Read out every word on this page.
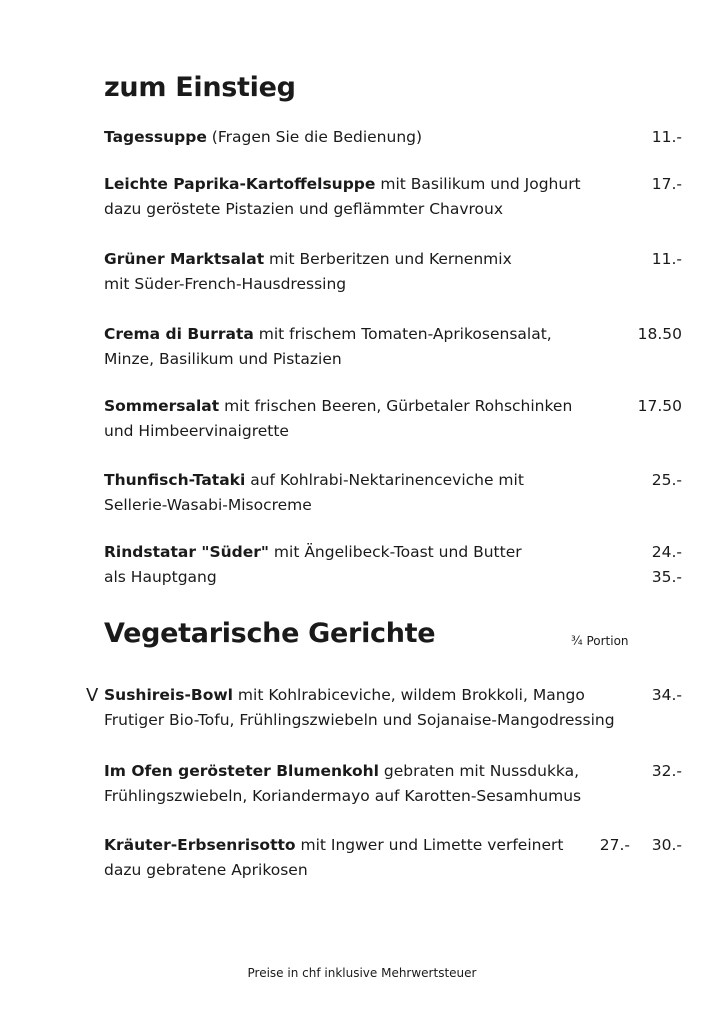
zum Einstieg
Tagessuppe (Fragen Sie die Bedienung)	11.-
Leichte Paprika-Kartoffelsuppe mit Basilikum und Joghurt	17.-
dazu geröstete Pistazien und geflämmter Chavroux
Grüner Marktsalat mit Berberitzen und Kernenmix	11.-
mit Süder-French-Hausdressing
Crema di Burrata mit frischem Tomaten-Aprikosensalat,	18.50
Minze, Basilikum und Pistazien
Sommersalat mit frischen Beeren, Gürbetaler Rohschinken	17.50
und Himbeervinaigrette
Thunfisch-Tataki auf Kohlrabi-Nektarinenceviche mit	25.-
Sellerie-Wasabi-Misocreme
Rindstatar "Süder" mit Ängelibeck-Toast und Butter	24.-
als Hauptgang	35.-
Vegetarische Gerichte	¾ Portion
V Sushireis-Bowl mit Kohlrabiceviche, wildem Brokkoli, Mango	34.-
Frutiger Bio-Tofu, Frühlingszwiebeln und Sojanaise-Mangodressing
Im Ofen gerösteter Blumenkohl gebraten mit Nussdukka,	32.-
Frühlingszwiebeln, Koriandermayo auf Karotten-Sesamhumus
Kräuter-Erbsenrisotto mit Ingwer und Limette verfeinert 27.- 30.-
dazu gebratene Aprikosen
Preise in chf inklusive Mehrwertsteuer
